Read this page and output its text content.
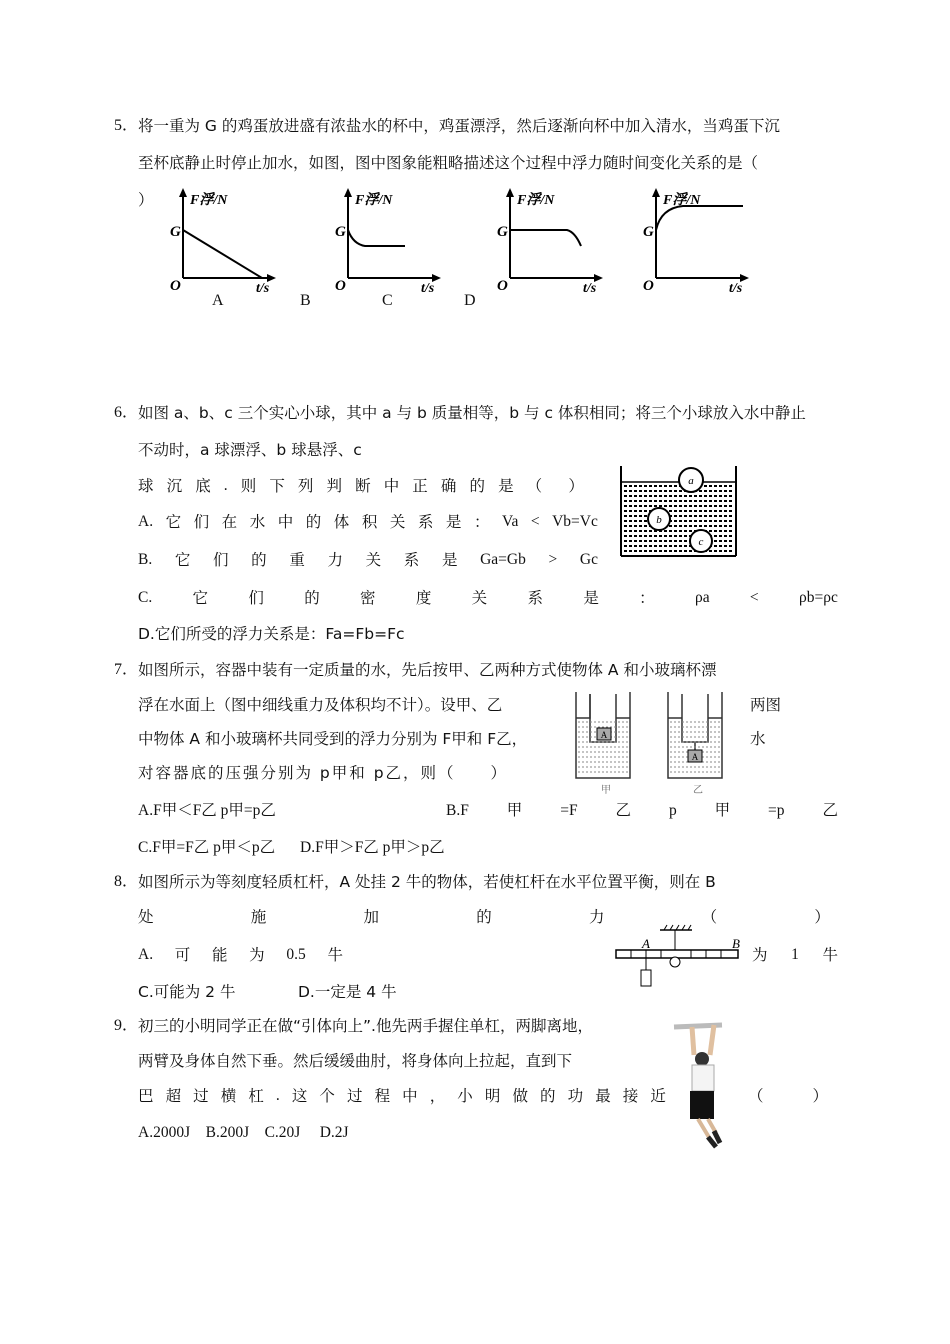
5． 将一重为 G 的鸡蛋放进盛有浓盐水的杯中，鸡蛋漂浮，然后逐渐向杯中加入清水，当鸡蛋下沉
至杯底静止时停止加水，如图，图中图象能粗略描述这个过程中浮力随时间变化关系的是（
）	F浮/N
G
O	t/s
F浮/N
G
O	t/s
F浮/N
G
O	t/s
F浮/N
G
O	t/s
A	B	C	D
6． 如图 a、b、c 三个实心小球，其中 a 与 b 质量相等，b 与 c 体积相同；将三个小球放入水中静止
不动时，a 球漂浮、b 球悬浮、c
球 沉 底 . 则 下 列 判 断 中 正 确 的 是 （ ）
A. 它 们 在 水 中 的 体 积 关 系 是 ： Va < Vb=Vc
B. 它 们 的 重 力 关 系 是 Ga=Gb > Gc
C.	它	们	的	密	度	关	系	是	：	ρa	<	ρb=ρc
D.它们所受的浮力关系是：Fa=Fb=Fc
a
b
c
7． 如图所示，容器中装有一定质量的水，先后按甲、乙两种方式使物体 A 和小玻璃杯漂
浮在水面上（图中细线重力及体积均不计）。设甲、乙	两图
中物体 A 和小玻璃杯共同受到的浮力分别为 F甲和 F乙，	水
对容器底的压强分别为 p甲和 p乙，则（　　）
A.F甲＜F乙 p甲=p乙	B.F 甲 =F 乙 p 甲 =p 乙
C.F甲=F乙 p甲＜p乙 D.F甲＞F乙 p甲＞p乙
A
A
甲	乙
8． 如图所示为等刻度轻质杠杆，A 处挂 2 牛的物体，若使杠杆在水平位置平衡，则在 B
处	施	加	的	力	（	）
A. 可 能 为 0.5 牛	为 1 牛
C.可能为 2 牛	D.一定是 4 牛
A	B
9． 初三的小明同学正在做“引体向上”.他先两手握住单杠，两脚离地，
两臂及身体自然下垂。然后缓缓曲肘，将身体向上拉起，直到下
巴 超 过 横 杠 . 这 个 过 程 中 ， 小 明 做 的 功 最 接 近	（	）
A.2000J　B.200J　C.20J　 D.2J
